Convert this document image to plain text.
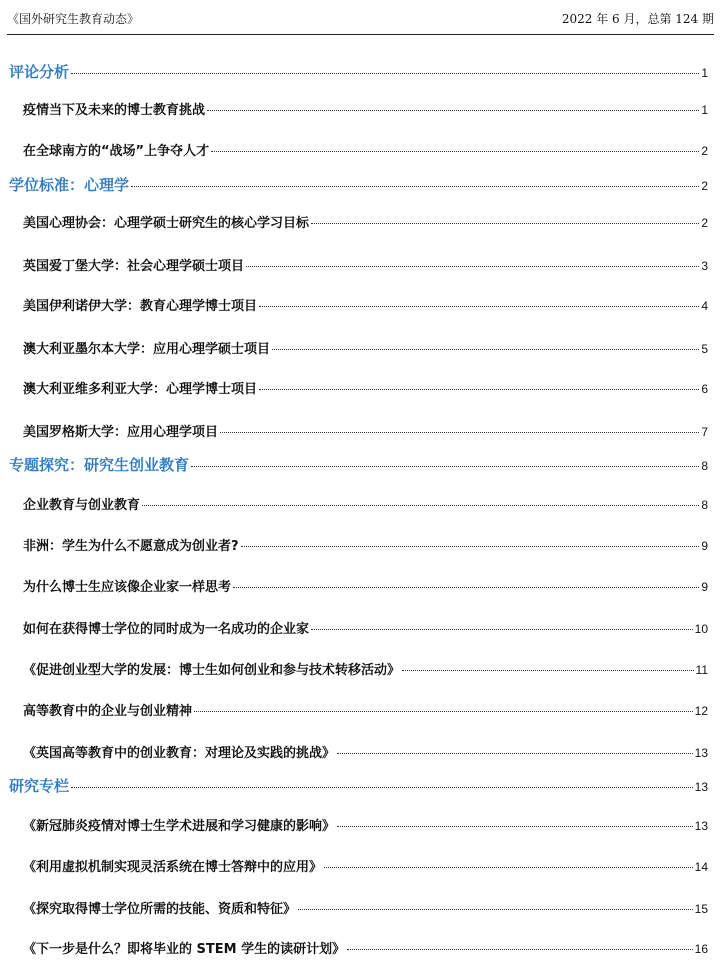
《国外研究生教育动态》	2022 年 6 月，总第 124 期
评论分析	1
疫情当下及未来的博士教育挑战	1
在全球南方的“战场”上争夺人才	2
学位标准：心理学	2
美国心理协会：心理学硕士研究生的核心学习目标	2
英国爱丁堡大学：社会心理学硕士项目	3
美国伊利诺伊大学：教育心理学博士项目	4
澳大利亚墨尔本大学：应用心理学硕士项目	5
澳大利亚维多利亚大学：心理学博士项目	6
美国罗格斯大学：应用心理学项目	7
专题探究：研究生创业教育	8
企业教育与创业教育	8
非洲：学生为什么不愿意成为创业者?	9
为什么博士生应该像企业家一样思考	9
如何在获得博士学位的同时成为一名成功的企业家	10
《促进创业型大学的发展：博士生如何创业和参与技术转移活动》	11
高等教育中的企业与创业精神	12
《英国高等教育中的创业教育：对理论及实践的挑战》	13
研究专栏	13
《新冠肺炎疫情对博士生学术进展和学习健康的影响》	13
《利用虚拟机制实现灵活系统在博士答辩中的应用》	14
《探究取得博士学位所需的技能、资质和特征》	15
《下一步是什么？即将毕业的 STEM 学生的读研计划》	16
